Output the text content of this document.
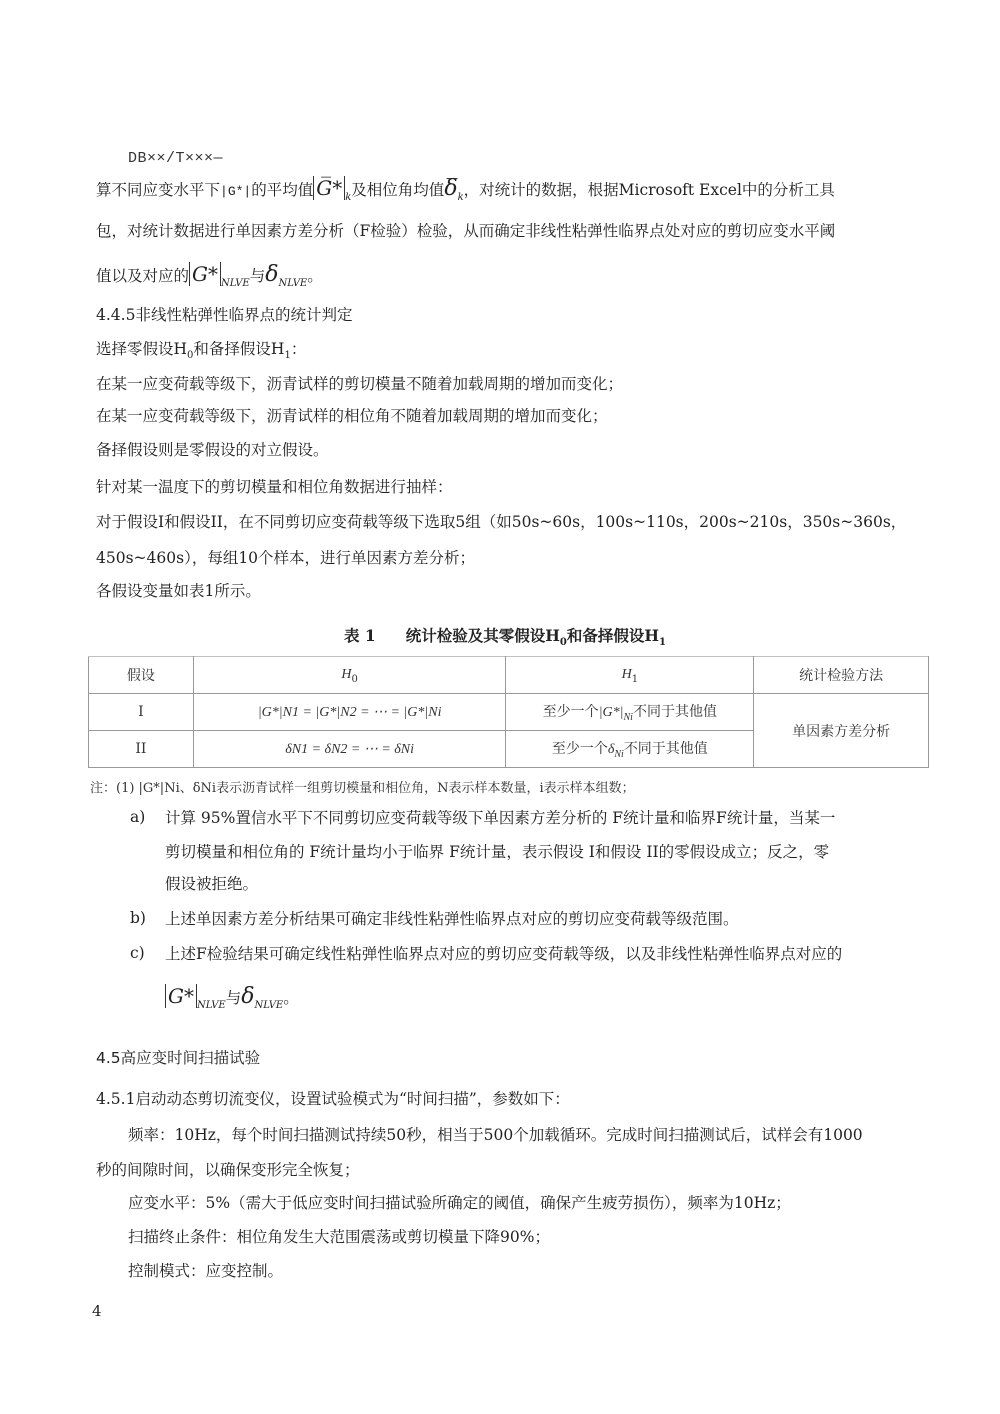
DB××/T×××—
算不同应变水平下|G*|的平均值 G̅* $_k$及相位角均值$\delta̅_k$，对统计的数据，根据Microsoft Excel中的分析工具
包，对统计数据进行单因素方差分析（F检验）检验，从而确定非线性粘弹性临界点处对应的剪切应变水平阈
值以及对应的 G* $_{NLVE}$与$\delta_{NLVE}$。
4.4.5非线性粘弹性临界点的统计判定
选择零假设$H_0$和备择假设$H_1$：
在某一应变荷载等级下，沥青试样的剪切模量不随着加载周期的增加而变化；
在某一应变荷载等级下，沥青试样的相位角不随着加载周期的增加而变化；
备择假设则是零假设的对立假设。
针对某一温度下的剪切模量和相位角数据进行抽样：
对于假设I和假设II，在不同剪切应变荷载等级下选取5组（如50s~60s，100s~110s，200s~210s，350s~360s，
450s~460s），每组10个样本，进行单因素方差分析；
各假设变量如表1所示。
表 1 统计检验及其零假设$H_0$和备择假设$H_1$
假设	$H_0$	$H_1$	统计检验方法
I	|G*|N1 = |G*|N2 = ⋯ = |G*|Ni	至少一个$|G*|_{Ni}$不同于其他值	单因素方差分析
II	δN1 = δN2 = ⋯ = δNi	至少一个$\delta_{Ni}$不同于其他值	
注：(1) |G*|Ni、δNi表示沥青试样一组剪切模量和相位角，N表示样本数量，i表示样本组数；
a) 计算 95%置信水平下不同剪切应变荷载等级下单因素方差分析的 F统计量和临界F统计量，当某一
剪切模量和相位角的 F统计量均小于临界 F统计量，表示假设 I和假设 II的零假设成立；反之，零
假设被拒绝。
b) 上述单因素方差分析结果可确定非线性粘弹性临界点对应的剪切应变荷载等级范围。
c) 上述F检验结果可确定线性粘弹性临界点对应的剪切应变荷载等级，以及非线性粘弹性临界点对应的
G* $_{NLVE}$与$\delta_{NLVE}$。
4.5高应变时间扫描试验
4.5.1启动动态剪切流变仪，设置试验模式为“时间扫描”，参数如下：
频率：10Hz，每个时间扫描测试持续50秒，相当于500个加载循环。完成时间扫描测试后，试样会有1000
秒的间隙时间，以确保变形完全恢复；
应变水平：5%（需大于低应变时间扫描试验所确定的阈值，确保产生疲劳损伤），频率为10Hz；
扫描终止条件：相位角发生大范围震荡或剪切模量下降90%；
控制模式：应变控制。
4
